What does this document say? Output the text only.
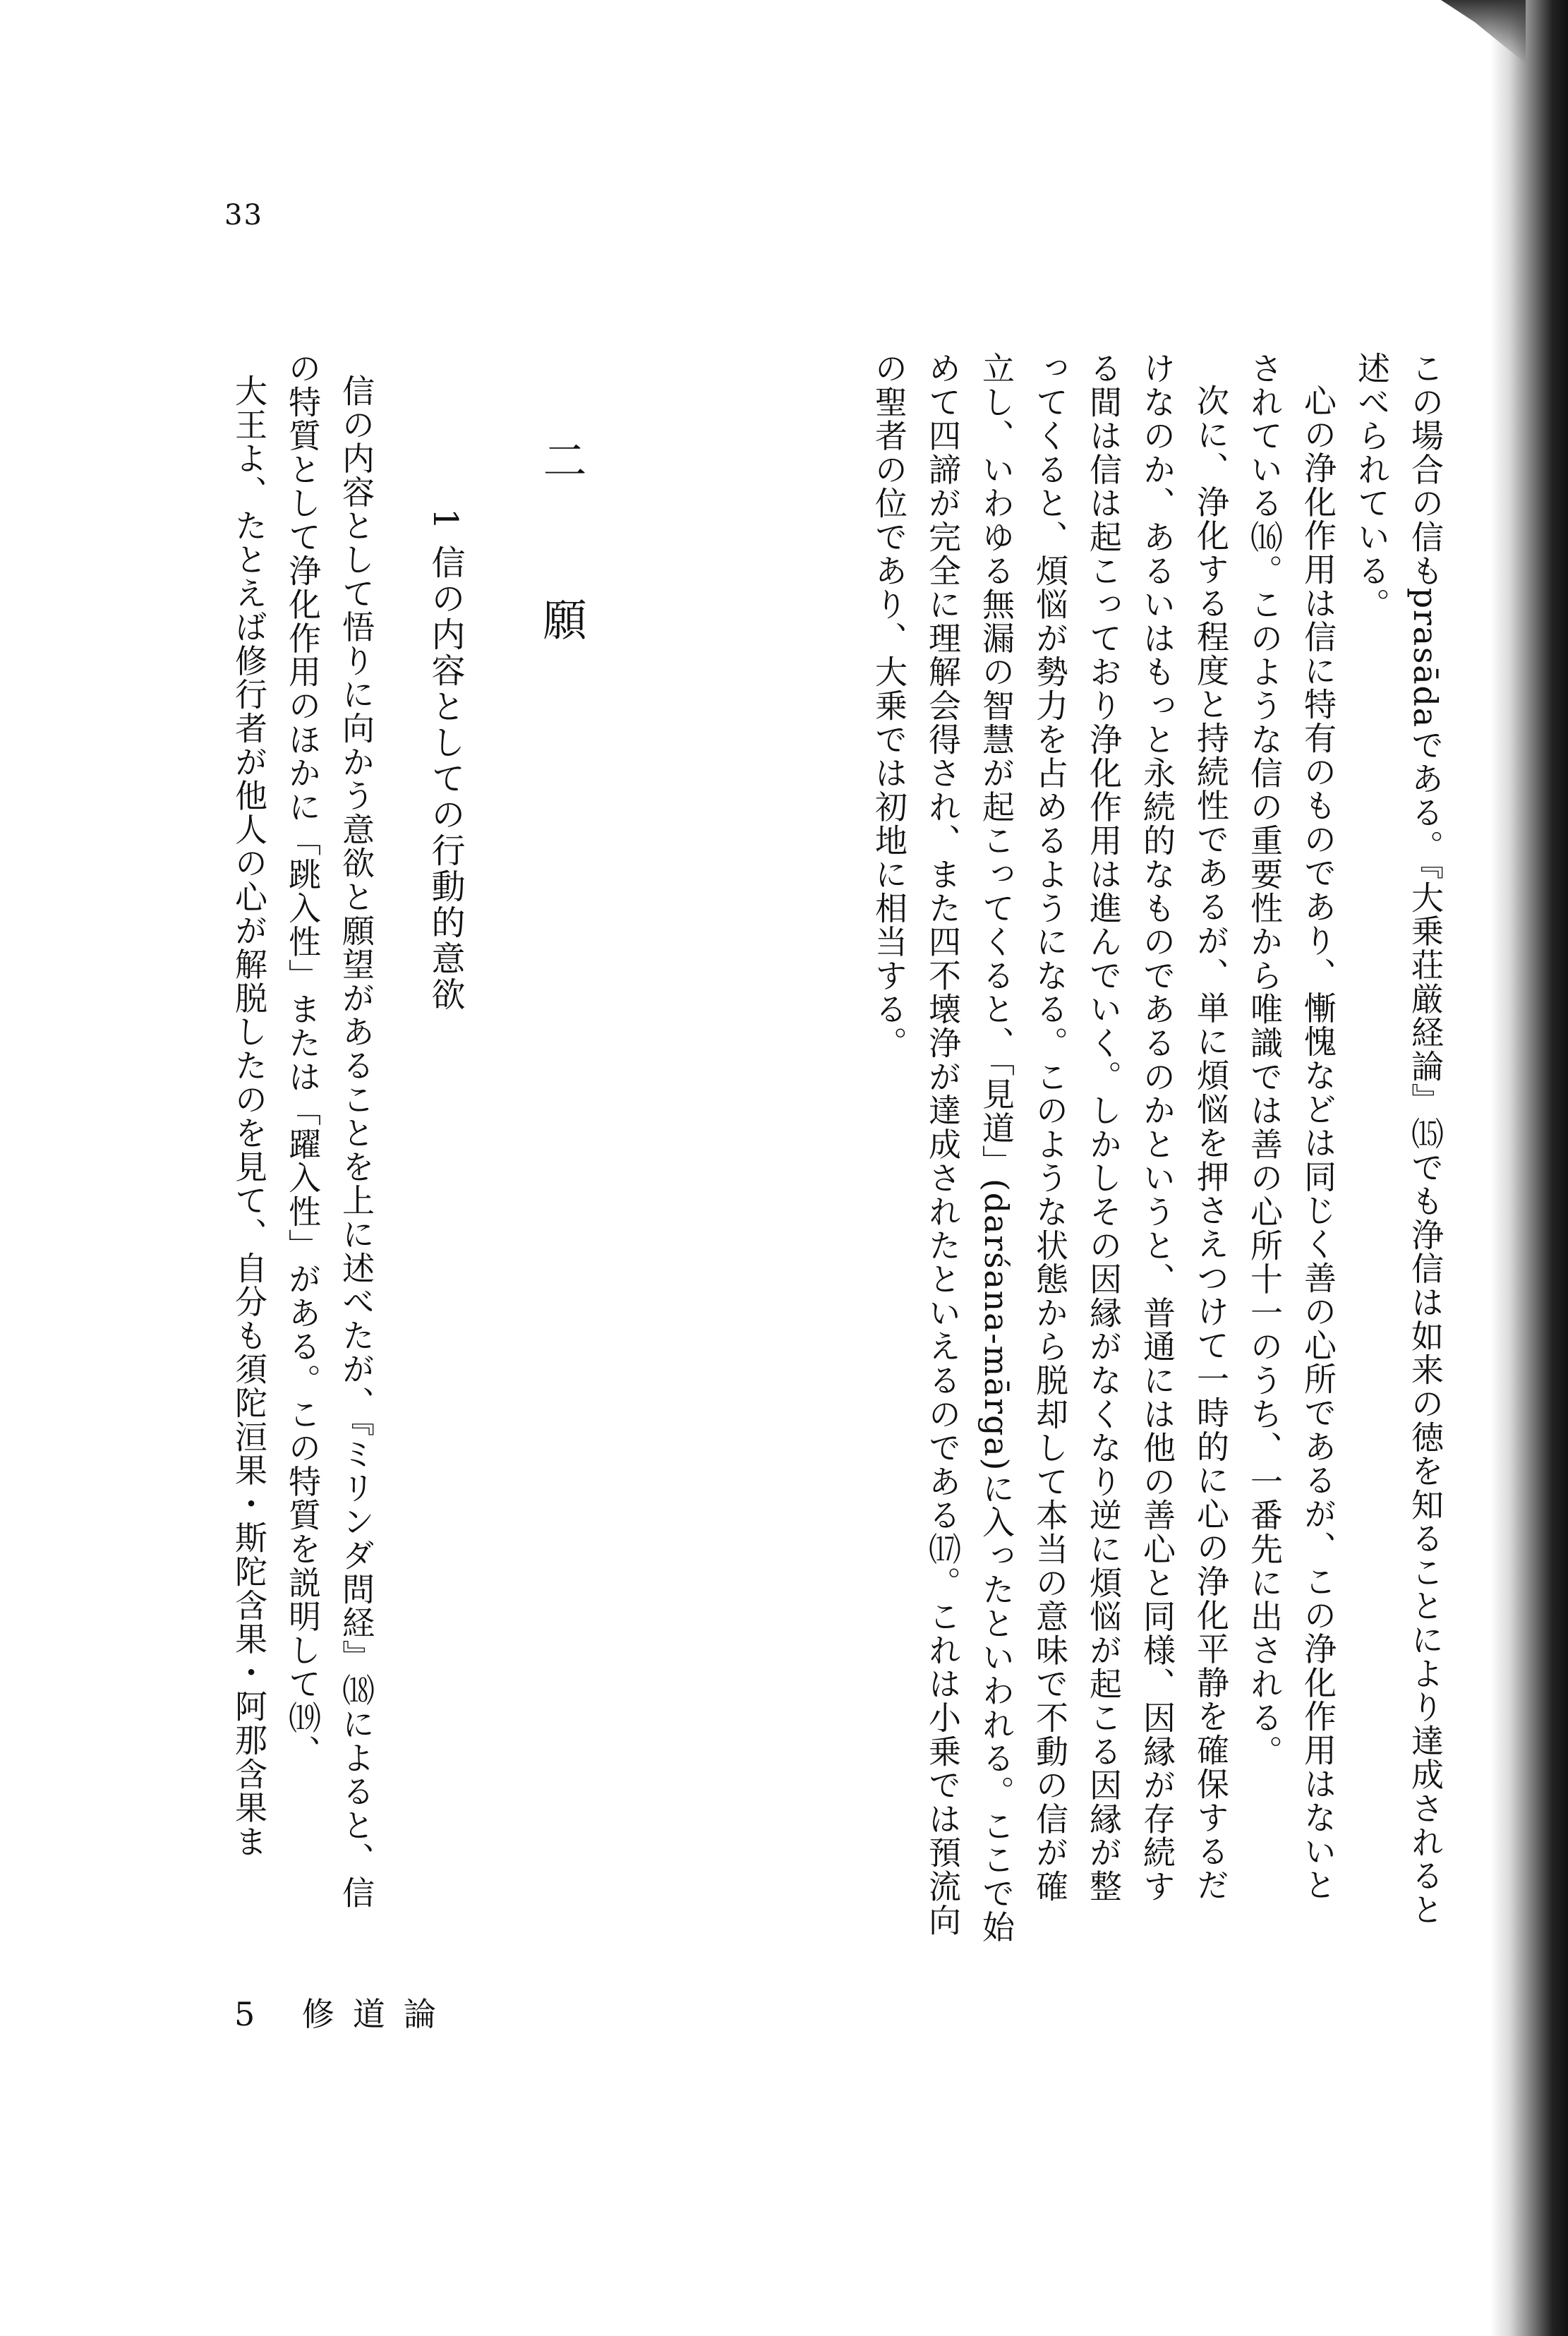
33
この場合の信もprasādaである。『大乗荘厳経論』⒂でも浄信は如来の徳を知ることにより達成されると
述べられている。
心の浄化作用は信に特有のものであり、慚愧などは同じく善の心所であるが、この浄化作用はないと
されている⒃。このような信の重要性から唯識では善の心所十一のうち、一番先に出される。
次に、浄化する程度と持続性であるが、単に煩悩を押さえつけて一時的に心の浄化平静を確保するだ
けなのか、あるいはもっと永続的なものであるのかというと、普通には他の善心と同様、因縁が存続す
る間は信は起こっており浄化作用は進んでいく。しかしその因縁がなくなり逆に煩悩が起こる因縁が整
ってくると、煩悩が勢力を占めるようになる。このような状態から脱却して本当の意味で不動の信が確
立し、いわゆる無漏の智慧が起こってくると、「見道」(darśana-mārga)に入ったといわれる。ここで始
めて四諦が完全に理解会得され、また四不壊浄が達成されたといえるのである⒄。これは小乗では預流向
の聖者の位であり、大乗では初地に相当する。
二 願
1 信の内容としての行動的意欲
信の内容として悟りに向かう意欲と願望があることを上に述べたが、『ミリンダ問経』⒅によると、信
の特質として浄化作用のほかに「跳入性」または「躍入性」がある。この特質を説明して⒆、
大王よ、たとえば修行者が他人の心が解脱したのを見て、自分も須陀洹果・斯陀含果・阿那含果ま
5 修道論
